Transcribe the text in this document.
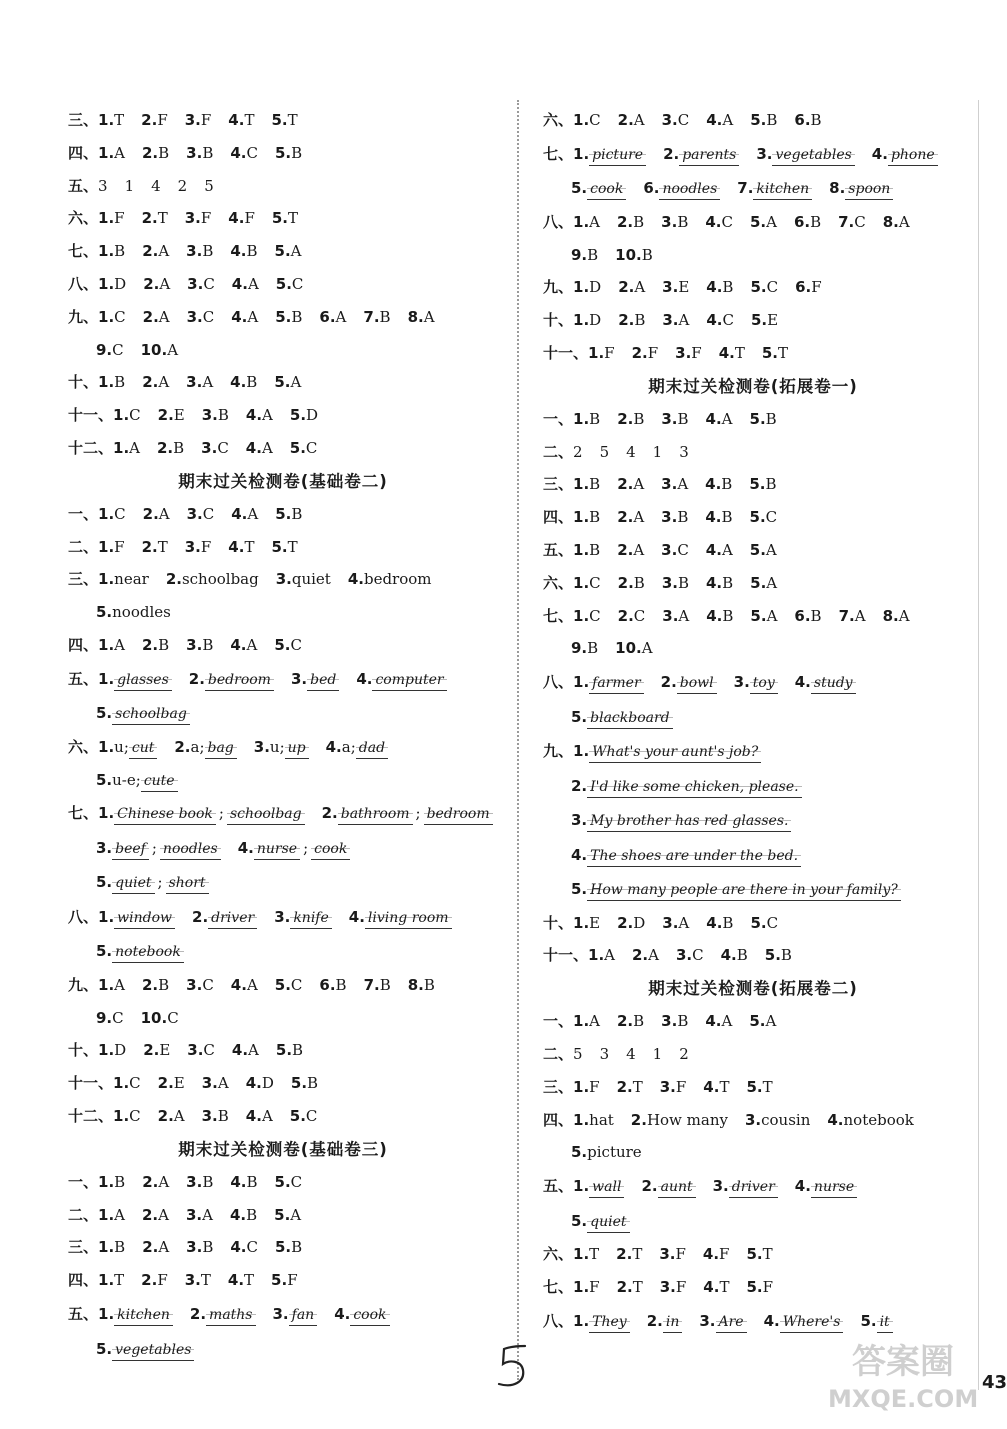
三、1.T 2.F 3.F 4.T 5.T
四、1.A 2.B 3.B 4.C 5.B
五、3 1 4 2 5
六、1.F 2.T 3.F 4.F 5.T
七、1.B 2.A 3.B 4.B 5.A
八、1.D 2.A 3.C 4.A 5.C
九、1.C 2.A 3.C 4.A 5.B 6.A 7.B 8.A
9.C 10.A
十、1.B 2.A 3.A 4.B 5.A
十一、1.C 2.E 3.B 4.A 5.D
十二、1.A 2.B 3.C 4.A 5.C
期末过关检测卷(基础卷二)
一、1.C 2.A 3.C 4.A 5.B
二、1.F 2.T 3.F 4.T 5.T
三、1.near 2.schoolbag 3.quiet 4.bedroom
5.noodles
四、1.A 2.B 3.B 4.A 5.C
五、1. glasses 2. bedroom 3. bed 4. computer
5. schoolbag
六、1.u; cut 2.a; bag 3.u; up 4.a; dad
5.u-e; cute
七、1. Chinese book ; schoolbag 2. bathroom ; bedroom
3. beef ; noodles 4. nurse ; cook
5. quiet ; short
八、1. window 2. driver 3. knife 4. living room
5. notebook
九、1.A 2.B 3.C 4.A 5.C 6.B 7.B 8.B
9.C 10.C
十、1.D 2.E 3.C 4.A 5.B
十一、1.C 2.E 3.A 4.D 5.B
十二、1.C 2.A 3.B 4.A 5.C
期末过关检测卷(基础卷三)
一、1.B 2.A 3.B 4.B 5.C
二、1.A 2.A 3.A 4.B 5.A
三、1.B 2.A 3.B 4.C 5.B
四、1.T 2.F 3.T 4.T 5.F
五、1. kitchen 2. maths 3. fan 4. cook
5. vegetables
六、1.C 2.A 3.C 4.A 5.B 6.B
七、1. picture 2. parents 3. vegetables 4. phone
5. cook 6. noodles 7. kitchen 8. spoon
八、1.A 2.B 3.B 4.C 5.A 6.B 7.C 8.A
9.B 10.B
九、1.D 2.A 3.E 4.B 5.C 6.F
十、1.D 2.B 3.A 4.C 5.E
十一、1.F 2.F 3.F 4.T 5.T
期末过关检测卷(拓展卷一)
一、1.B 2.B 3.B 4.A 5.B
二、2 5 4 1 3
三、1.B 2.A 3.A 4.B 5.B
四、1.B 2.A 3.B 4.B 5.C
五、1.B 2.A 3.C 4.A 5.A
六、1.C 2.B 3.B 4.B 5.A
七、1.C 2.C 3.A 4.B 5.A 6.B 7.A 8.A
9.B 10.A
八、1. farmer 2. bowl 3. toy 4. study
5. blackboard
九、1. What's your aunt's job?
2. I'd like some chicken, please.
3. My brother has red glasses.
4. The shoes are under the bed.
5. How many people are there in your family?
十、1.E 2.D 3.A 4.B 5.C
十一、1.A 2.A 3.C 4.B 5.B
期末过关检测卷(拓展卷二)
一、1.A 2.B 3.B 4.A 5.A
二、5 3 4 1 2
三、1.F 2.T 3.F 4.T 5.T
四、1.hat 2.How many 3.cousin 4.notebook
5.picture
五、1. wall 2. aunt 3. driver 4. nurse
5. quiet
六、1.T 2.T 3.F 4.F 5.T
七、1.F 2.T 3.F 4.T 5.F
八、1. They 2. in 3. Are 4. Where's 5. it
43
答案圈
MXQE.COM
